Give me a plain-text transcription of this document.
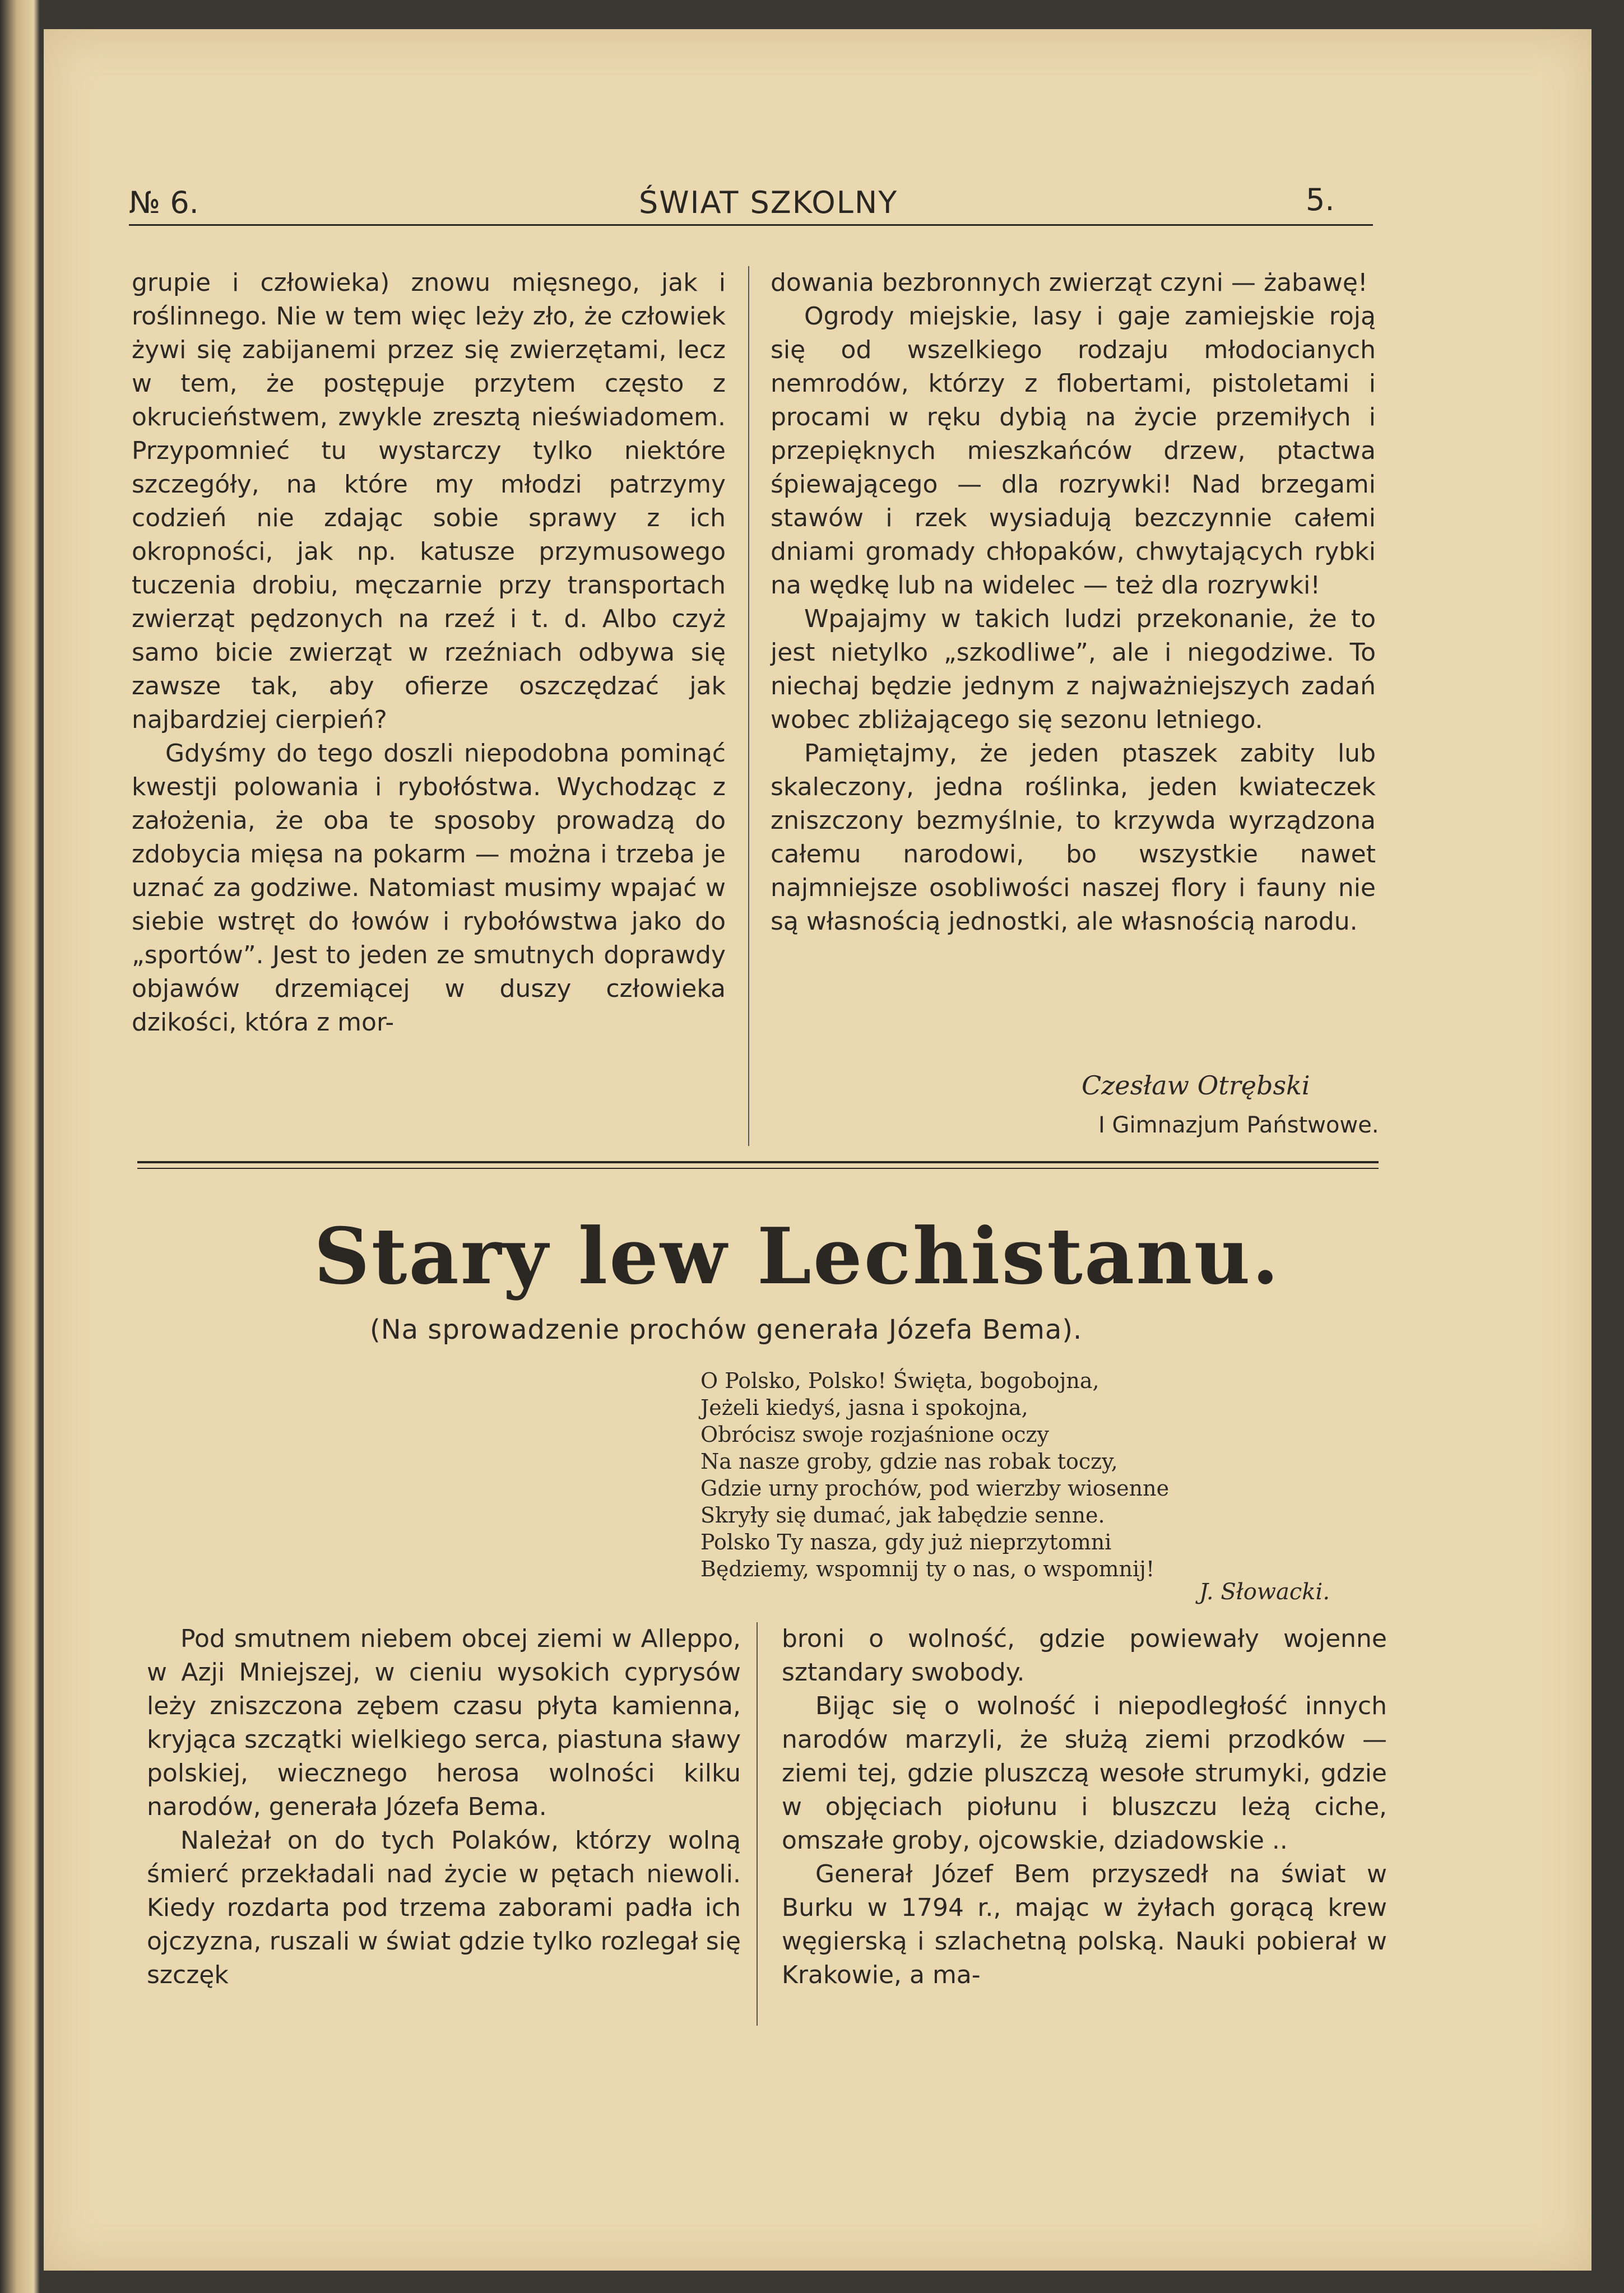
№ 6.	ŚWIAT SZKOLNY	5.

grupie i człowieka) znowu mięsnego, jak i roślinnego. Nie w tem więc leży zło, że człowiek żywi się zabijanemi przez się zwierzętami, lecz w tem, że postępuje przytem często z okrucieństwem, zwykle zresztą nieświadomem. Przypomnieć tu wystarczy tylko niektóre szczegóły, na które my młodzi patrzymy codzień nie zdając sobie sprawy z ich okropności, jak np. katusze przymusowego tuczenia drobiu, męczarnie przy transportach zwierząt pędzonych na rzeź i t. d. Albo czyż samo bicie zwierząt w rzeźniach odbywa się zawsze tak, aby ofierze oszczędzać jak najbardziej cierpień?

Gdyśmy do tego doszli niepodobna pominąć kwestji polowania i rybołóstwa. Wychodząc z założenia, że oba te sposoby prowadzą do zdobycia mięsa na pokarm — można i trzeba je uznać za godziwe. Natomiast musimy wpajać w siebie wstręt do łowów i rybołówstwa jako do „sportów”. Jest to jeden ze smutnych doprawdy objawów drzemiącej w duszy człowieka dzikości, która z mor-

dowania bezbronnych zwierząt czyni — żabawę!

Ogrody miejskie, lasy i gaje zamiejskie roją się od wszelkiego rodzaju młodocianych nemrodów, którzy z flobertami, pistoletami i procami w ręku dybią na życie przemiłych i przepięknych mieszkańców drzew, ptactwa śpiewającego — dla rozrywki! Nad brzegami stawów i rzek wysiadują bezczynnie całemi dniami gromady chłopaków, chwytających rybki na wędkę lub na widelec — też dla rozrywki!

Wpajajmy w takich ludzi przekonanie, że to jest nietylko „szkodliwe”, ale i niegodziwe. To niechaj będzie jednym z najważniejszych zadań wobec zbliżającego się sezonu letniego.

Pamiętajmy, że jeden ptaszek zabity lub skaleczony, jedna roślinka, jeden kwiateczek zniszczony bezmyślnie, to krzywda wyrządzona całemu narodowi, bo wszystkie nawet najmniejsze osobliwości naszej flory i fauny nie są własnością jednostki, ale własnością narodu.

Czesław Otrębski
I Gimnazjum Państwowe.
Stary lew Lechistanu.
(Na sprowadzenie prochów generała Józefa Bema).
O Polsko, Polsko! Święta, bogobojna,
Jeżeli kiedyś, jasna i spokojna,
Obrócisz swoje rozjaśnione oczy
Na nasze groby, gdzie nas robak toczy,
Gdzie urny prochów, pod wierzby wiosenne
Skryły się dumać, jak łabędzie senne.
Polsko Ty nasza, gdy już nieprzytomni
Będziemy, wspomnij ty o nas, o wspomnij!
J. Słowacki.

Pod smutnem niebem obcej ziemi w Alleppo, w Azji Mniejszej, w cieniu wysokich cyprysów leży zniszczona zębem czasu płyta kamienna, kryjąca szczątki wielkiego serca, piastuna sławy polskiej, wiecznego herosa wolności kilku narodów, generała Józefa Bema.

Należał on do tych Polaków, którzy wolną śmierć przekładali nad życie w pętach niewoli. Kiedy rozdarta pod trzema zaborami padła ich ojczyzna, ruszali w świat gdzie tylko rozlegał się szczęk

broni o wolność, gdzie powiewały wojenne sztandary swobody.

Bijąc się o wolność i niepodległość innych narodów marzyli, że służą ziemi przodków — ziemi tej, gdzie pluszczą wesołe strumyki, gdzie w objęciach piołunu i bluszczu leżą ciche, omszałe groby, ojcowskie, dziadowskie ..

Generał Józef Bem przyszedł na świat w Burku w 1794 r., mając w żyłach gorącą krew węgierską i szlachetną polską. Nauki pobierał w Krakowie, a ma-
